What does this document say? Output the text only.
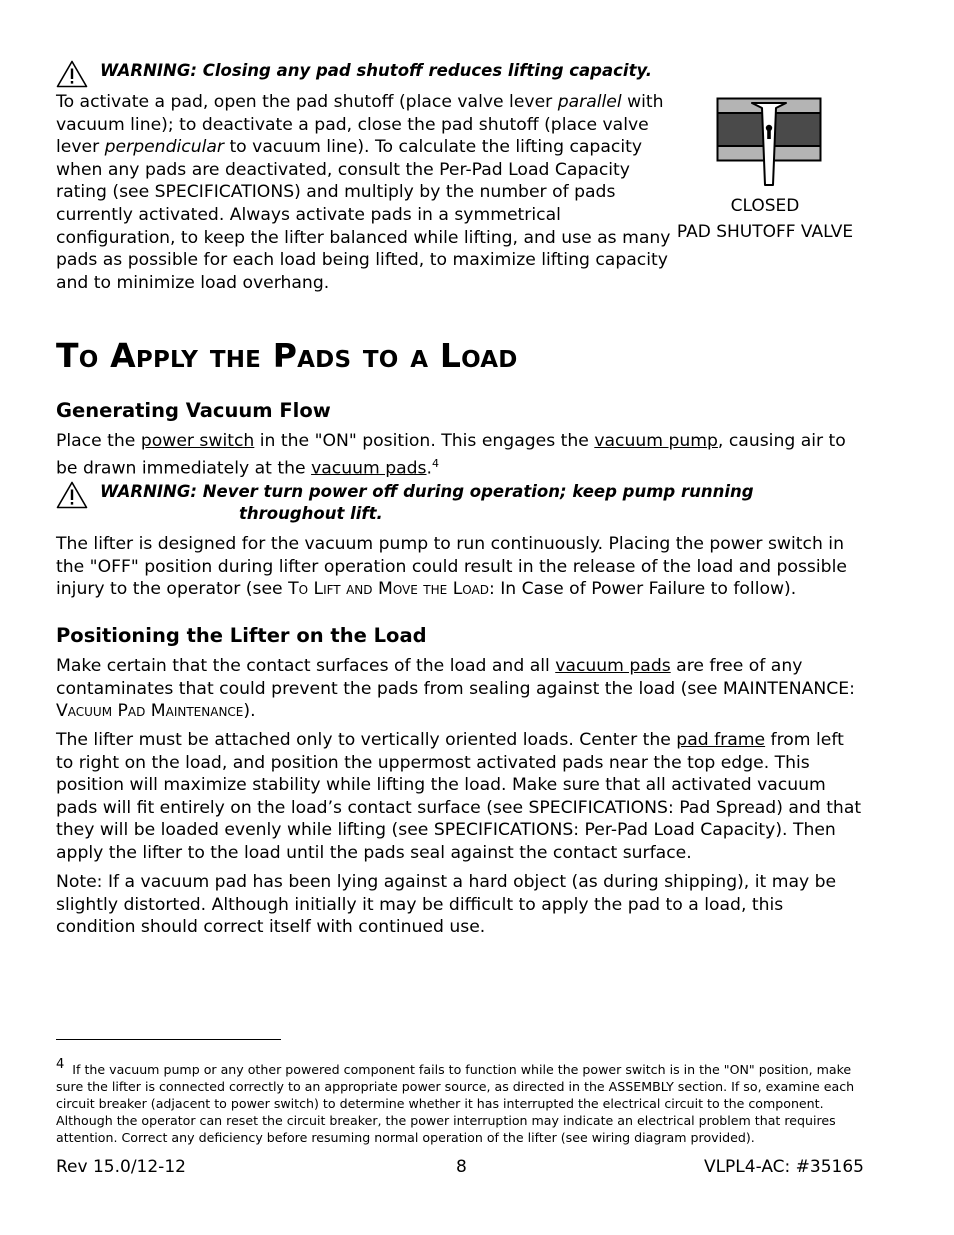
WARNING: Closing any pad shutoff reduces lifting capacity.

To activate a pad, open the pad shutoff (place valve lever parallel with vacuum line); to deactivate a pad, close the pad shutoff (place valve lever perpendicular to vacuum line). To calculate the lifting capacity when any pads are deactivated, consult the Per-Pad Load Capacity rating (see SPECIFICATIONS) and multiply by the number of pads currently activated. Always activate pads in a symmetrical configuration, to keep the lifter balanced while lifting, and use as many pads as possible for each load being lifted, to maximize lifting capacity and to minimize load overhang.

CLOSED
PAD SHUTOFF VALVE
To Apply the Pads to a Load
Generating Vacuum Flow

Place the power switch in the "ON" position. This engages the vacuum pump, causing air to be drawn immediately at the vacuum pads.$^4$

WARNING: Never turn power off during operation; keep pump running
throughout lift.

The lifter is designed for the vacuum pump to run continuously. Placing the power switch in the "OFF" position during lifter operation could result in the release of the load and possible injury to the operator (see To Lift and Move the Load: In Case of Power Failure to follow).

Positioning the Lifter on the Load

Make certain that the contact surfaces of the load and all vacuum pads are free of any contaminates that could prevent the pads from sealing against the load (see MAINTENANCE: Vacuum Pad Maintenance).

The lifter must be attached only to vertically oriented loads. Center the pad frame from left to right on the load, and position the uppermost activated pads near the top edge. This position will maximize stability while lifting the load. Make sure that all activated vacuum pads will fit entirely on the load’s contact surface (see SPECIFICATIONS: Pad Spread) and that they will be loaded evenly while lifting (see SPECIFICATIONS: Per-Pad Load Capacity). Then apply the lifter to the load until the pads seal against the contact surface.

Note: If a vacuum pad has been lying against a hard object (as during shipping), it may be slightly distorted. Although initially it may be difficult to apply the pad to a load, this condition should correct itself with continued use.

$^4$ If the vacuum pump or any other powered component fails to function while the power switch is in the "ON" position, make sure the lifter is connected correctly to an appropriate power source, as directed in the ASSEMBLY section. If so, examine each circuit breaker (adjacent to power switch) to determine whether it has interrupted the electrical circuit to the component. Although the operator can reset the circuit breaker, the power interruption may indicate an electrical problem that requires attention. Correct any deficiency before resuming normal operation of the lifter (see wiring diagram provided).

Rev 15.0/12-12	8	VLPL4-AC: #35165
